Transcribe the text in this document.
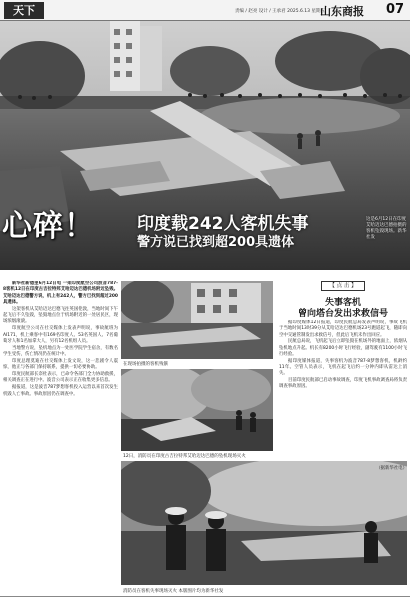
天下	责编 / 赵亮 设计 / 王承君 2025.6.13 星期五
山东商报 07
心碎！ 印度载242人客机失事
警方说已找到超200具遗体
这是6月12日在印度艾哈迈达巴德拍摄的客机坠毁现场。新华社发

新华社新德里6月12日电 一架印度航空公司波音787-8客机12日在印度古吉拉特邦艾哈迈达巴德机场附近坠毁。艾哈迈达巴德警方说，机上有242人，警方已找到超过200具遗体。

这架客机从艾哈迈达巴德飞往英国伦敦，当地时间下午起飞后不久坠毁，坠毁地点位于机场附近的一处居民区，现场浓烟滚滚。

印度航空公司在社交媒体上发表声明说，事故航班为AI171，机上乘客中有169名印度人、53名英国人、7名葡萄牙人和1名加拿大人，另有12名机组人员。

当地警方说，坠机地点为一处医学院学生宿舍，有数名学生受伤，伤亡情况仍在统计中。

印度总理莫迪在社交媒体上发文说，这一悲剧令人震惊，他正与各部门保持联系，提供一切必要协助。

印度民航部长奈杜表示，已命令各部门全力协助救援，相关调查正在进行中。波音公司表示正在收集更多信息。

据报道，这是波音787梦想客机投入运营以来首次发生机毁人亡事故。事故原因仍在调查中。

在现场拍摄的客机残骸
12日，消防员在印度古吉拉特邦艾哈迈达巴德的坠机现场灭火
消防员在客机失事现场灭火 本版图片均为新华社发
【 点 击 】
失事客机
曾向塔台发出求救信号

据印度媒体12日报道，印度民航总局发表声明说，事故飞机于当地时间13时39分从艾哈迈达巴德机场23号跑道起飞，随即向空中交通管制发出求救信号，但此后飞机未作出回应。

民航总局说，飞机起飞后立即坠毁在机场外的地面上，浓烟从坠机地点升起。机长有8200小时飞行经验，副驾驶有1100小时飞行经验。

据印度媒体报道，失事客机为波音787-8梦想客机，机龄约11年。空管人员表示，飞机在起飞后约一分钟内即从雷达上消失。

目前印度民航部已启动事故调查，印度飞机事故调查局将负责调查事故原因。

（据新华社电）
